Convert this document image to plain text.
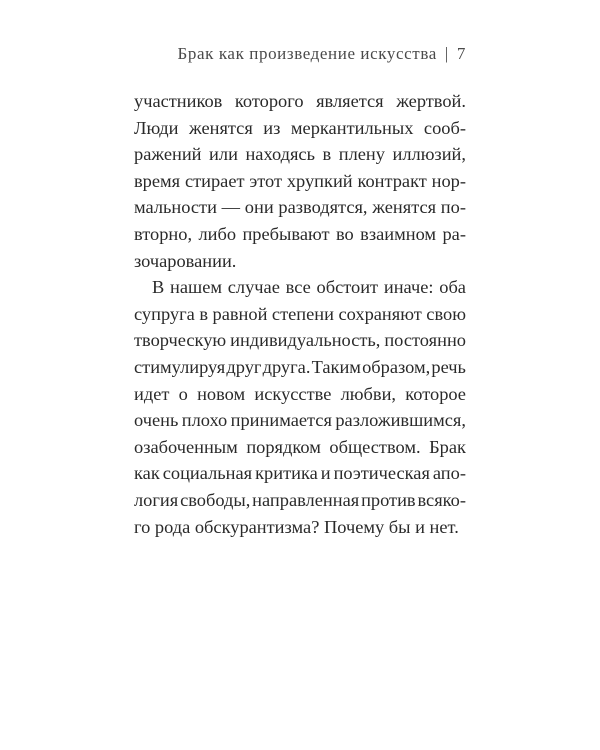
Брак как произведение искусства | 7
участников которого является жертвой.
Люди женятся из меркантильных сооб-
ражений или находясь в плену иллюзий,
время стирает этот хрупкий контракт нор-
мальности — они разводятся, женятся по-
вторно, либо пребывают во взаимном ра-
зочаровании.
В нашем случае все обстоит иначе: оба
супруга в равной степени сохраняют свою
творческую индивидуальность, постоянно
стимулируя друг друга. Таким образом, речь
идет о новом искусстве любви, которое
очень плохо принимается разложившимся,
озабоченным порядком обществом. Брак
как социальная критика и поэтическая апо-
логия свободы, направленная против всяко-
го рода обскурантизма? Почему бы и нет.
